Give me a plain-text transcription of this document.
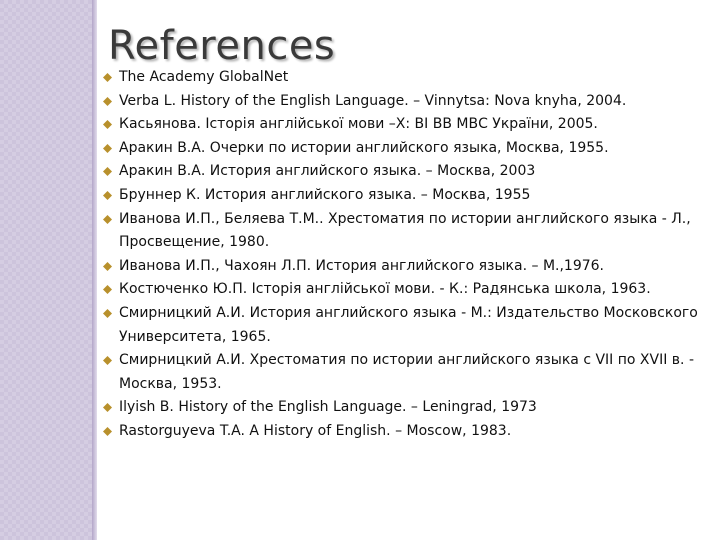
References
The Academy GlobalNet
Verba L. History of the English Language. – Vinnytsa: Nova knyha, 2004.
Касьянова. Історія англійської мови –Х: ВІ ВВ МВС України, 2005.
Аракин В.А. Очерки по истории английского языка, Москва, 1955.
Аракин В.А. История английского языка. – Москва, 2003
Бруннер К. История английского языка. – Москва, 1955
Иванова И.П., Беляева Т.М.. Хрестоматия по истории английского языка - Л., Просвещение, 1980.
Иванова И.П., Чахоян Л.П. История английского языка. – М.,1976.
Костюченко Ю.П. Історія англійської мови. - К.: Радянська школа, 1963.
Смирницкий А.И. История английского языка - М.: Издательство Московского Университета, 1965.
Смирницкий А.И. Хрестоматия по истории английского языка с VII по XVII в. - Москва, 1953.
Ilyish B. History of the English Language. – Leningrad, 1973
Rastorguyeva T.A. A History of English. – Moscow, 1983.
